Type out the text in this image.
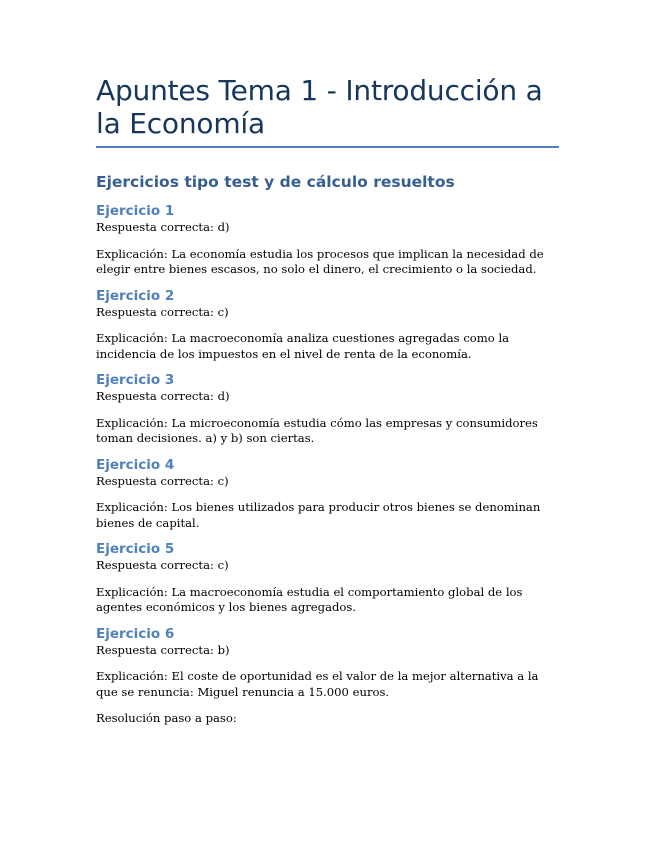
Apuntes Tema 1 - Introducción a la Economía
Ejercicios tipo test y de cálculo resueltos
Ejercicio 1

Respuesta correcta: d)

Explicación: La economía estudia los procesos que implican la necesidad de elegir entre bienes escasos, no solo el dinero, el crecimiento o la sociedad.

Ejercicio 2

Respuesta correcta: c)

Explicación: La macroeconomía analiza cuestiones agregadas como la incidencia de los impuestos en el nivel de renta de la economía.

Ejercicio 3

Respuesta correcta: d)

Explicación: La microeconomía estudia cómo las empresas y consumidores toman decisiones. a) y b) son ciertas.

Ejercicio 4

Respuesta correcta: c)

Explicación: Los bienes utilizados para producir otros bienes se denominan bienes de capital.

Ejercicio 5

Respuesta correcta: c)

Explicación: La macroeconomía estudia el comportamiento global de los agentes económicos y los bienes agregados.

Ejercicio 6

Respuesta correcta: b)

Explicación: El coste de oportunidad es el valor de la mejor alternativa a la que se renuncia: Miguel renuncia a 15.000 euros.

Resolución paso a paso:
